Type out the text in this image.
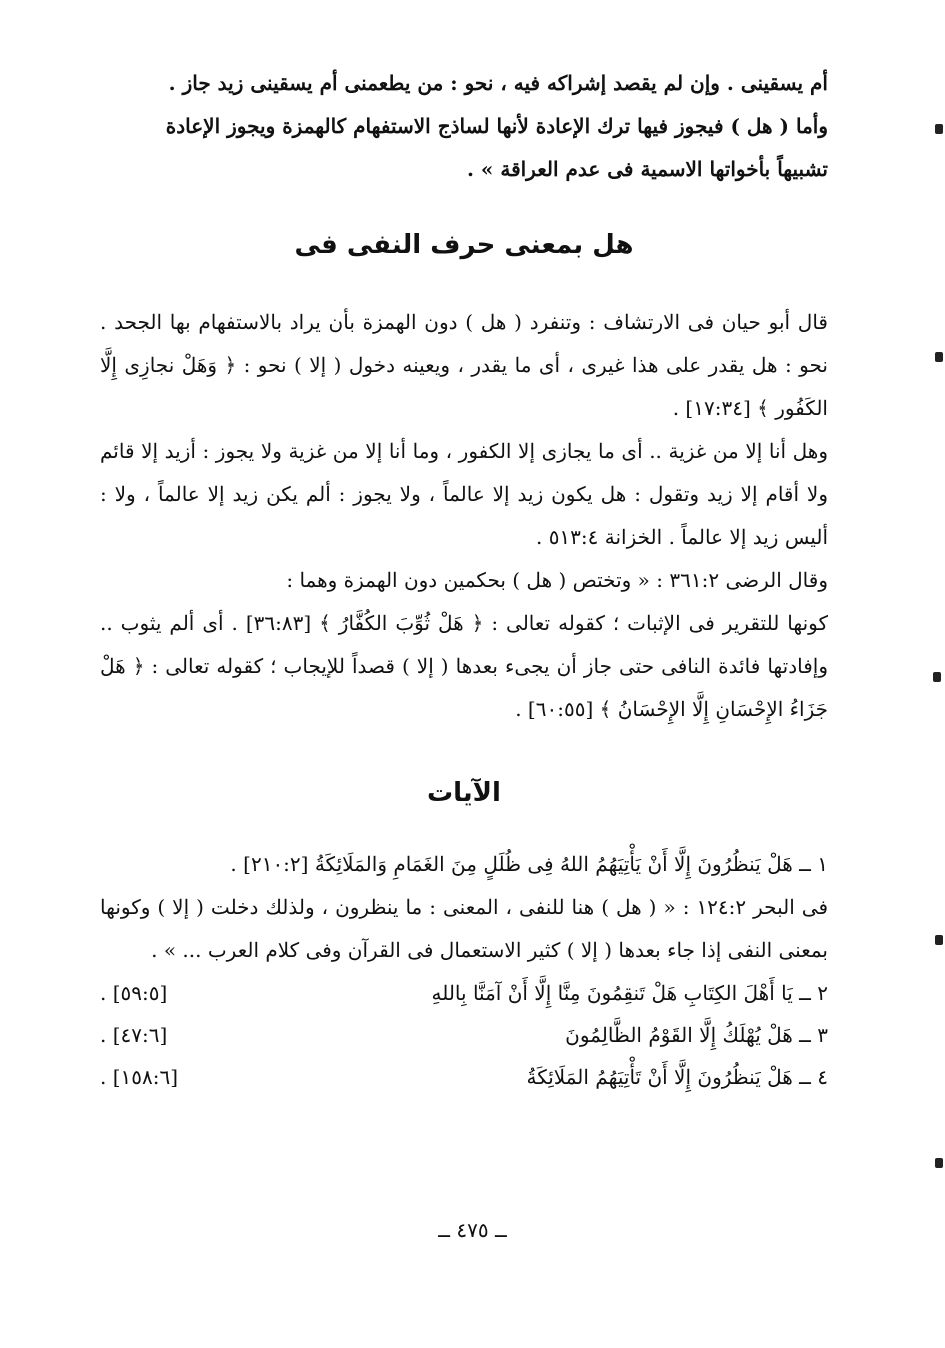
أم يسقينى . وإن لم يقصد إشراكه فيه ، نحو : من يطعمنى أم يسقينى زيد جاز .

وأما ( هل ) فيجوز فيها ترك الإعادة لأنها لساذج الاستفهام كالهمزة ويجوز الإعادة

تشبيهاً بأخواتها الاسمية فى عدم العراقة » .

هل بمعنى حرف النفى فى

قال أبو حيان فى الارتشاف : وتنفرد ( هل ) دون الهمزة بأن يراد بالاستفهام بها الجحد . نحو : هل يقدر على هذا غيرى ، أى ما يقدر ، ويعينه دخول ( إلا ) نحو : ﴿ وَهَلْ نجازِى إِلَّا الكَفُور ﴾ [١٧:٣٤] .

وهل أنا إلا من غزية .. أى ما يجازى إلا الكفور ، وما أنا إلا من غزية ولا يجوز : أزيد إلا قائم ولا أقام إلا زيد وتقول : هل يكون زيد إلا عالماً ، ولا يجوز : ألم يكن زيد إلا عالماً ، ولا : أليس زيد إلا عالماً . الخزانة ٥١٣:٤ .

وقال الرضى ٣٦١:٢ : « وتختص ( هل ) بحكمين دون الهمزة وهما :

كونها للتقرير فى الإثبات ؛ كقوله تعالى : ﴿ هَلْ ثُوِّبَ الكُفَّارُ ﴾ [٣٦:٨٣] . أى ألم يثوب .. وإفادتها فائدة النافى حتى جاز أن يجىء بعدها ( إلا ) قصداً للإيجاب ؛ كقوله تعالى : ﴿ هَلْ جَزَاءُ الإِحْسَانِ إِلَّا الإِحْسَانُ ﴾ [٦٠:٥٥] .

الآيات

١ ــ هَلْ يَنظُرُونَ إِلَّا أَنْ يَأْتِيَهُمُ اللهُ فِى ظُلَلٍ مِنَ الغَمَامِ وَالمَلَائِكَةُ [٢١٠:٢] .

فى البحر ١٢٤:٢ : « ( هل ) هنا للنفى ، المعنى : ما ينظرون ، ولذلك دخلت ( إلا ) وكونها بمعنى النفى إذا جاء بعدها ( إلا ) كثير الاستعمال فى القرآن وفى كلام العرب ... » .

٢ ــ يَا أَهْلَ الكِتَابِ هَلْ تَنقِمُونَ مِنَّا إِلَّا أَنْ آمَنَّا بِاللهِ
[٥٩:٥] .
٣ ــ هَلْ يُهْلَكُ إِلَّا القَوْمُ الظَّالِمُونَ
[٤٧:٦] .
٤ ــ هَلْ يَنظُرُونَ إِلَّا أَنْ تَأْتِيَهُمُ المَلَائِكَةُ
[١٥٨:٦] .
ــ ٤٧٥ ــ
